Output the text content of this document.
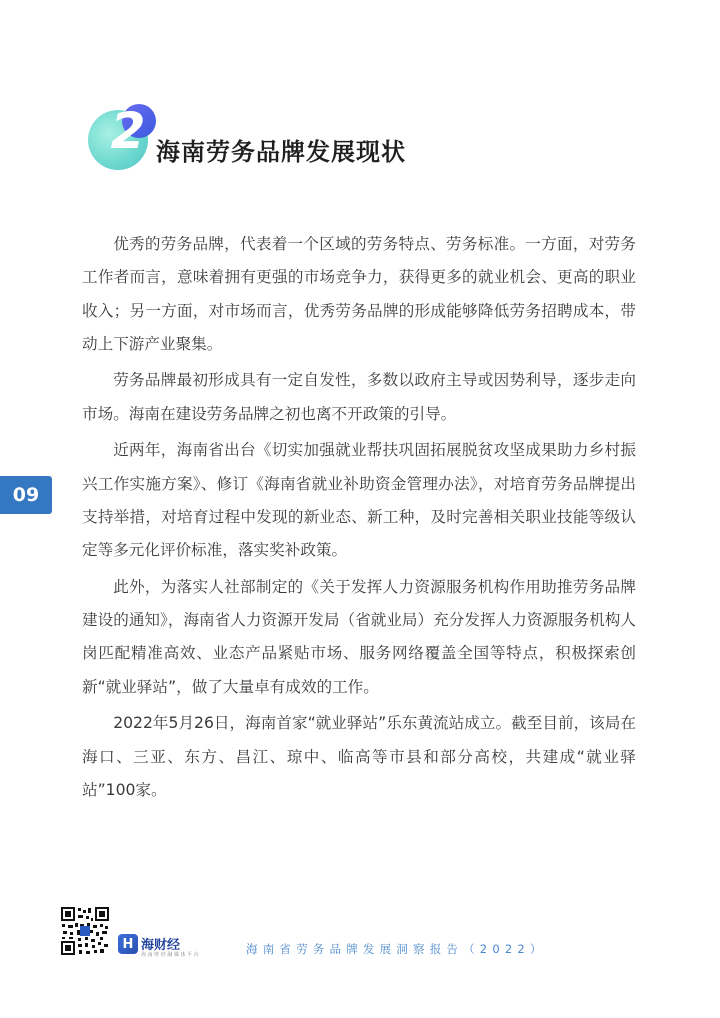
2 海南劳务品牌发展现状

优秀的劳务品牌，代表着一个区域的劳务特点、劳务标准。一方面，对劳务工作者而言，意味着拥有更强的市场竞争力，获得更多的就业机会、更高的职业收入；另一方面，对市场而言，优秀劳务品牌的形成能够降低劳务招聘成本，带动上下游产业聚集。

劳务品牌最初形成具有一定自发性，多数以政府主导或因势利导，逐步走向市场。海南在建设劳务品牌之初也离不开政策的引导。

近两年，海南省出台《切实加强就业帮扶巩固拓展脱贫攻坚成果助力乡村振兴工作实施方案》、修订《海南省就业补助资金管理办法》，对培育劳务品牌提出支持举措，对培育过程中发现的新业态、新工种，及时完善相关职业技能等级认定等多元化评价标准，落实奖补政策。

此外，为落实人社部制定的《关于发挥人力资源服务机构作用助推劳务品牌建设的通知》，海南省人力资源开发局（省就业局）充分发挥人力资源服务机构人岗匹配精准高效、业态产品紧贴市场、服务网络覆盖全国等特点，积极探索创新“就业驿站”，做了大量卓有成效的工作。

2022年5月26日，海南首家“就业驿站”乐东黄流站成立。截至目前，该局在海口、三亚、东方、昌江、琼中、临高等市县和部分高校，共建成“就业驿站”100家。

09
H 海财经
海 南 财 经 融 媒 体 平 台	海南省劳务品牌发展洞察报告（2022）
